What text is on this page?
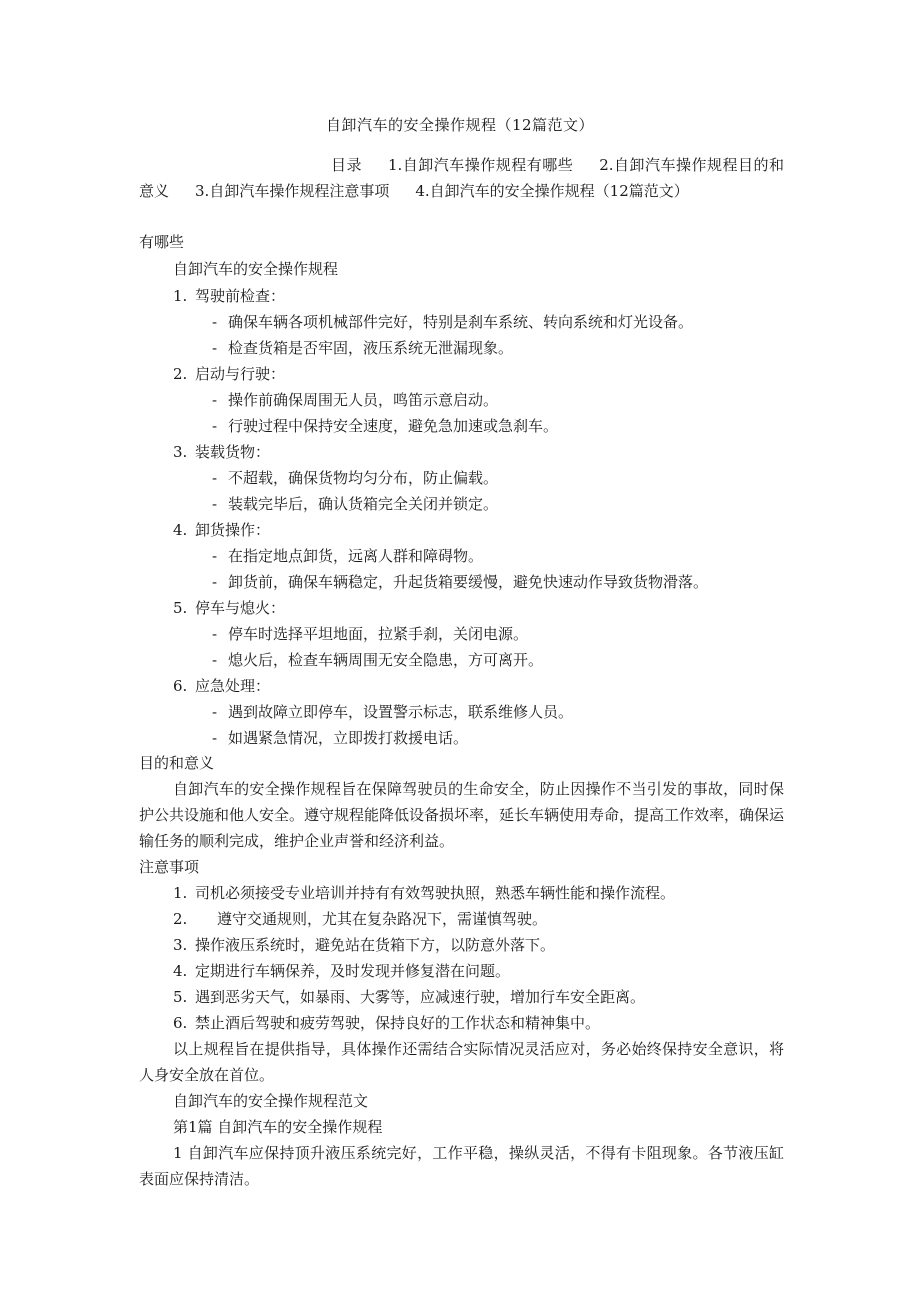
自卸汽车的安全操作规程（12篇范文）
目录 1.自卸汽车操作规程有哪些 2.自卸汽车操作规程目的和意义 3.自卸汽车操作规程注意事项 4.自卸汽车的安全操作规程（12篇范文）
有哪些
自卸汽车的安全操作规程
1. 驾驶前检查：
- 确保车辆各项机械部件完好，特别是刹车系统、转向系统和灯光设备。
- 检查货箱是否牢固，液压系统无泄漏现象。
2. 启动与行驶：
- 操作前确保周围无人员，鸣笛示意启动。
- 行驶过程中保持安全速度，避免急加速或急刹车。
3. 装载货物：
- 不超载，确保货物均匀分布，防止偏载。
- 装载完毕后，确认货箱完全关闭并锁定。
4. 卸货操作：
- 在指定地点卸货，远离人群和障碍物。
- 卸货前，确保车辆稳定，升起货箱要缓慢，避免快速动作导致货物滑落。
5. 停车与熄火：
- 停车时选择平坦地面，拉紧手刹，关闭电源。
- 熄火后，检查车辆周围无安全隐患，方可离开。
6. 应急处理：
- 遇到故障立即停车，设置警示标志，联系维修人员。
- 如遇紧急情况，立即拨打救援电话。
目的和意义
自卸汽车的安全操作规程旨在保障驾驶员的生命安全，防止因操作不当引发的事故，同时保护公共设施和他人安全。遵守规程能降低设备损坏率，延长车辆使用寿命，提高工作效率，确保运输任务的顺利完成，维护企业声誉和经济利益。
注意事项
1. 司机必须接受专业培训并持有有效驾驶执照，熟悉车辆性能和操作流程。
2. 遵守交通规则，尤其在复杂路况下，需谨慎驾驶。
3. 操作液压系统时，避免站在货箱下方，以防意外落下。
4. 定期进行车辆保养，及时发现并修复潜在问题。
5. 遇到恶劣天气，如暴雨、大雾等，应减速行驶，增加行车安全距离。
6. 禁止酒后驾驶和疲劳驾驶，保持良好的工作状态和精神集中。
以上规程旨在提供指导，具体操作还需结合实际情况灵活应对，务必始终保持安全意识，将人身安全放在首位。
自卸汽车的安全操作规程范文
第1篇 自卸汽车的安全操作规程
1 自卸汽车应保持顶升液压系统完好，工作平稳，操纵灵活，不得有卡阻现象。各节液压缸表面应保持清洁。
